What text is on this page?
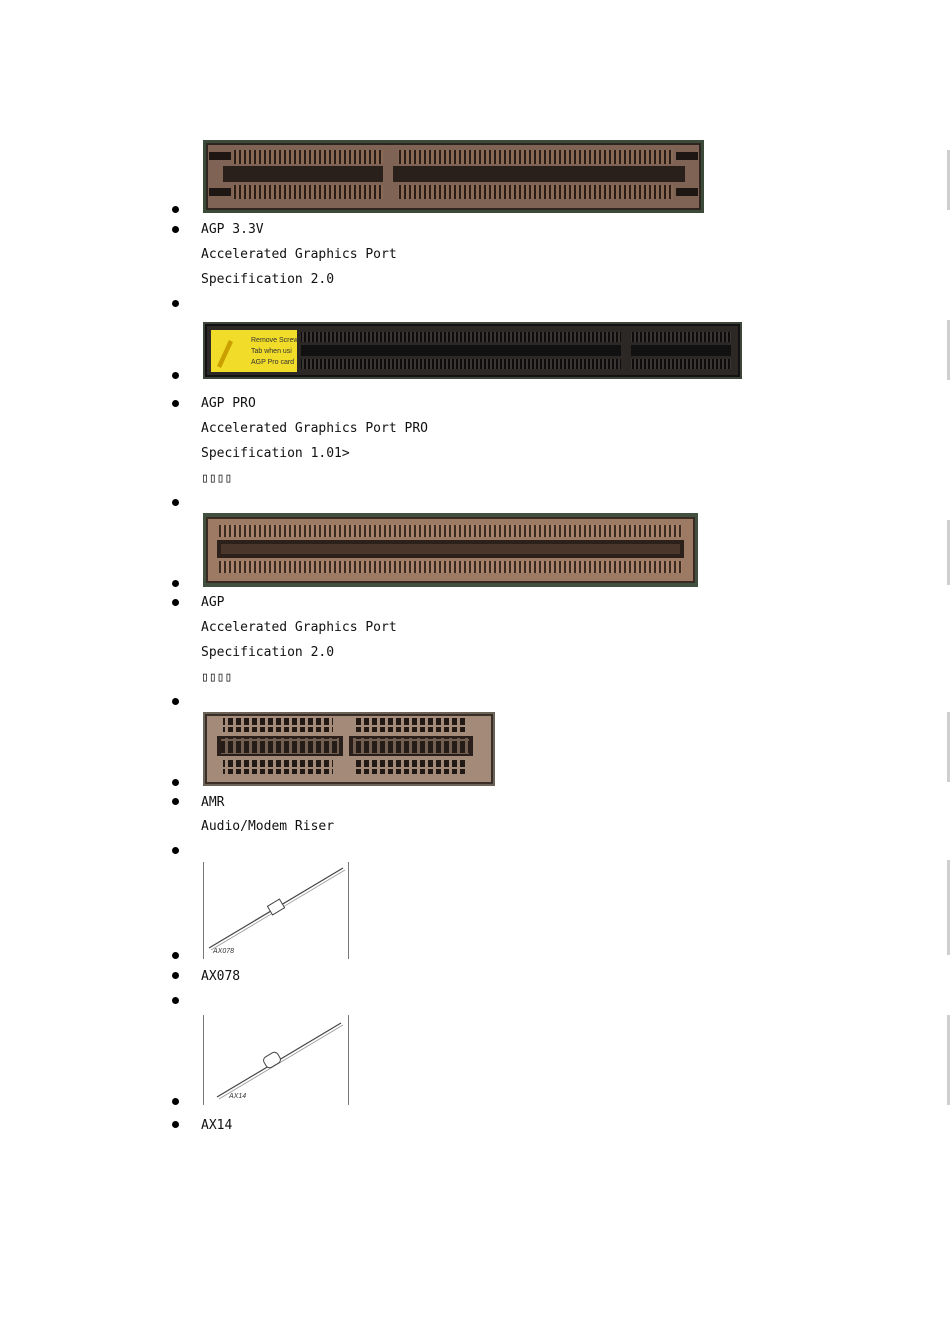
AGP 3.3V
Accelerated Graphics Port
Specification 2.0
Remove Screw
Tab when usi
AGP Pro card
AGP PRO
Accelerated Graphics Port PRO
Specification 1.01>
▯▯▯▯
AGP
Accelerated Graphics Port
Specification 2.0
▯▯▯▯
AMR
Audio/Modem Riser
AX078
AX078
AX14
AX14
